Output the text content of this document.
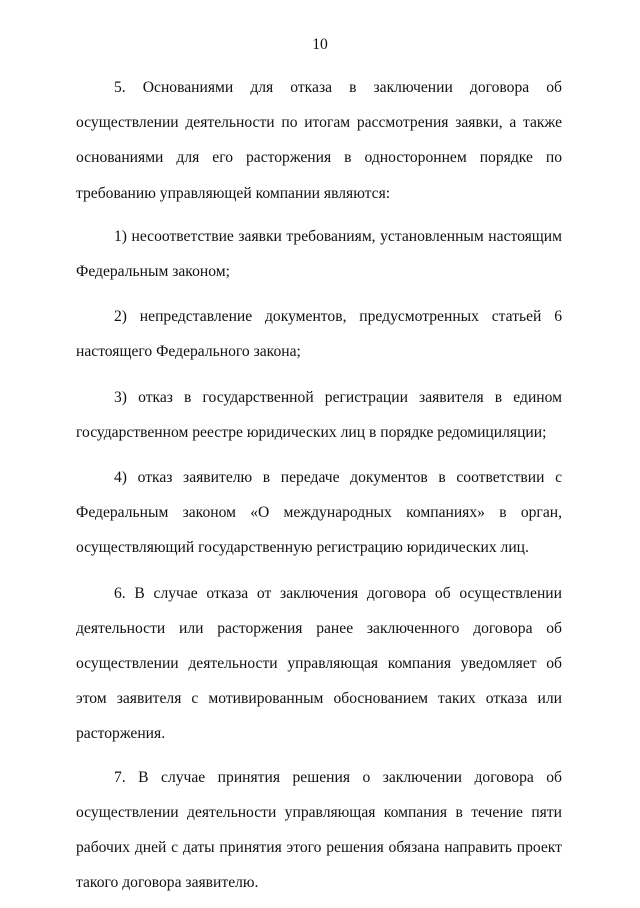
10

5. Основаниями для отказа в заключении договора об осуществлении деятельности по итогам рассмотрения заявки, а также основаниями для его расторжения в одностороннем порядке по требованию управляющей компании являются:

1) несоответствие заявки требованиям, установленным настоящим Федеральным законом;

2) непредставление документов, предусмотренных статьей 6 настоящего Федерального закона;

3) отказ в государственной регистрации заявителя в едином государственном реестре юридических лиц в порядке редомициляции;

4) отказ заявителю в передаче документов в соответствии с Федеральным законом «О международных компаниях» в орган, осуществляющий государственную регистрацию юридических лиц.

6. В случае отказа от заключения договора об осуществлении деятельности или расторжения ранее заключенного договора об осуществлении деятельности управляющая компания уведомляет об этом заявителя с мотивированным обоснованием таких отказа или расторжения.

7. В случае принятия решения о заключении договора об осуществлении деятельности управляющая компания в течение пяти рабочих дней с даты принятия этого решения обязана направить проект такого договора заявителю.
